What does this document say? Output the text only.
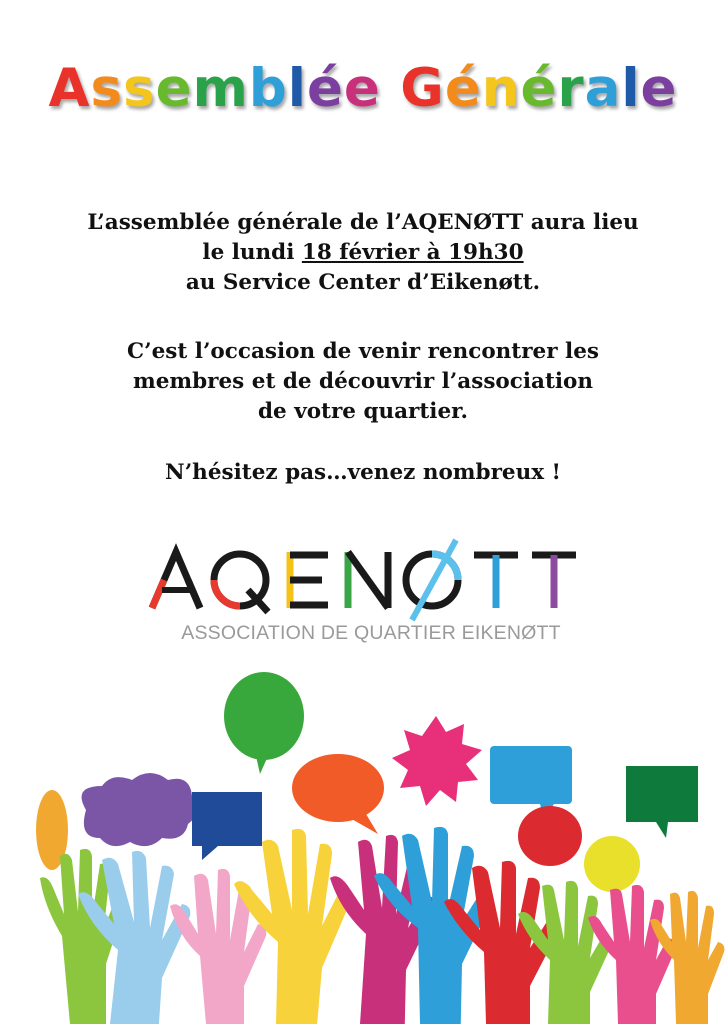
Assemblée Générale
L’assemblée générale de l’AQENØTT aura lieu
le lundi 18 février à 19h30
au Service Center d’Eikenøtt.
C’est l’occasion de venir rencontrer les
membres et de découvrir l’association
de votre quartier.
N’hésitez pas…venez nombreux !
ASSOCIATION DE QUARTIER EIKENØTT
